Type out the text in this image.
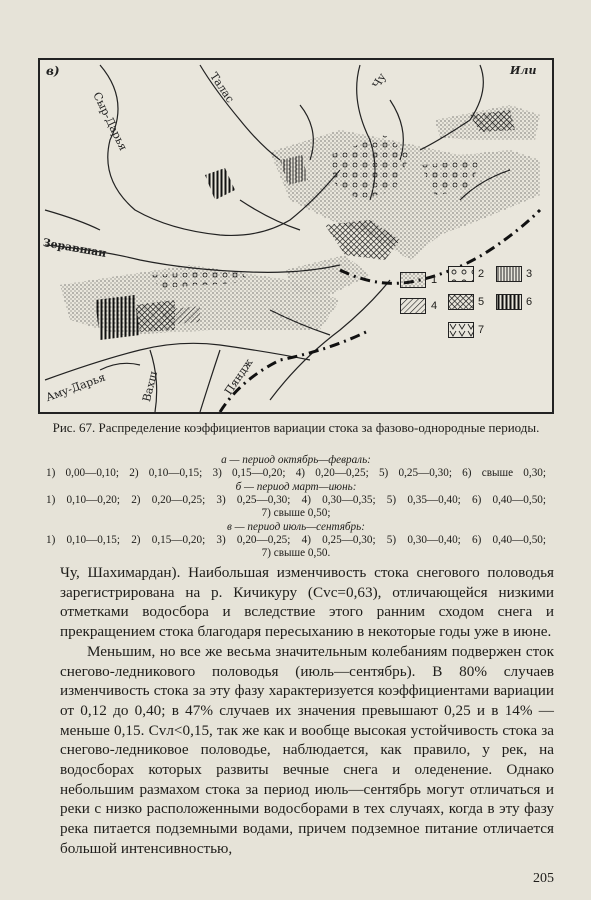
в)
Сыр-Дарья
Талас	Чу
Или
Зеравшан
Аму-Дарья	Вахш	Пяндж
1	2	3
4	5	6
7
Рис. 67. Распределение коэффициентов вариации стока за фазово-однородные периоды.
а — период октябрь—февраль:
1) 0,00—0,10; 2) 0,10—0,15; 3) 0,15—0,20; 4) 0,20—0,25; 5) 0,25—0,30; 6) свыше 0,30;
б — период март—июнь:
1) 0,10—0,20; 2) 0,20—0,25; 3) 0,25—0,30; 4) 0,30—0,35; 5) 0,35—0,40; 6) 0,40—0,50;
7) свыше 0,50;
в — период июль—сентябрь:
1) 0,10—0,15; 2) 0,15—0,20; 3) 0,20—0,25; 4) 0,25—0,30; 5) 0,30—0,40; 6) 0,40—0,50;
7) свыше 0,50.

Чу, Шахимардан). Наибольшая изменчивость стока снегового половодья зарегистрирована на р. Кичикуру (Cvc=0,63), отличающейся низкими отметками водосбора и вследствие этого ранним сходом снега и прекращением стока благодаря пересыханию в некоторые годы уже в июне.

Меньшим, но все же весьма значительным колебаниям подвержен сток снегово-ледникового половодья (июль—сентябрь). В 80% случаев изменчивость стока за эту фазу характеризуется коэффициентами вариации от 0,12 до 0,40; в 47% случаев их значения превышают 0,25 и в 14% — меньше 0,15. Cvл<0,15, так же как и вообще высокая устойчивость стока за снегово-ледниковое половодье, наблюдается, как правило, у рек, на водосборах которых развиты вечные снега и оледенение. Однако небольшим размахом стока за период июль—сентябрь могут отличаться и реки с низко расположенными водосборами в тех случаях, когда в эту фазу река питается подземными водами, причем подземное питание отличается большой интенсивностью,

205
